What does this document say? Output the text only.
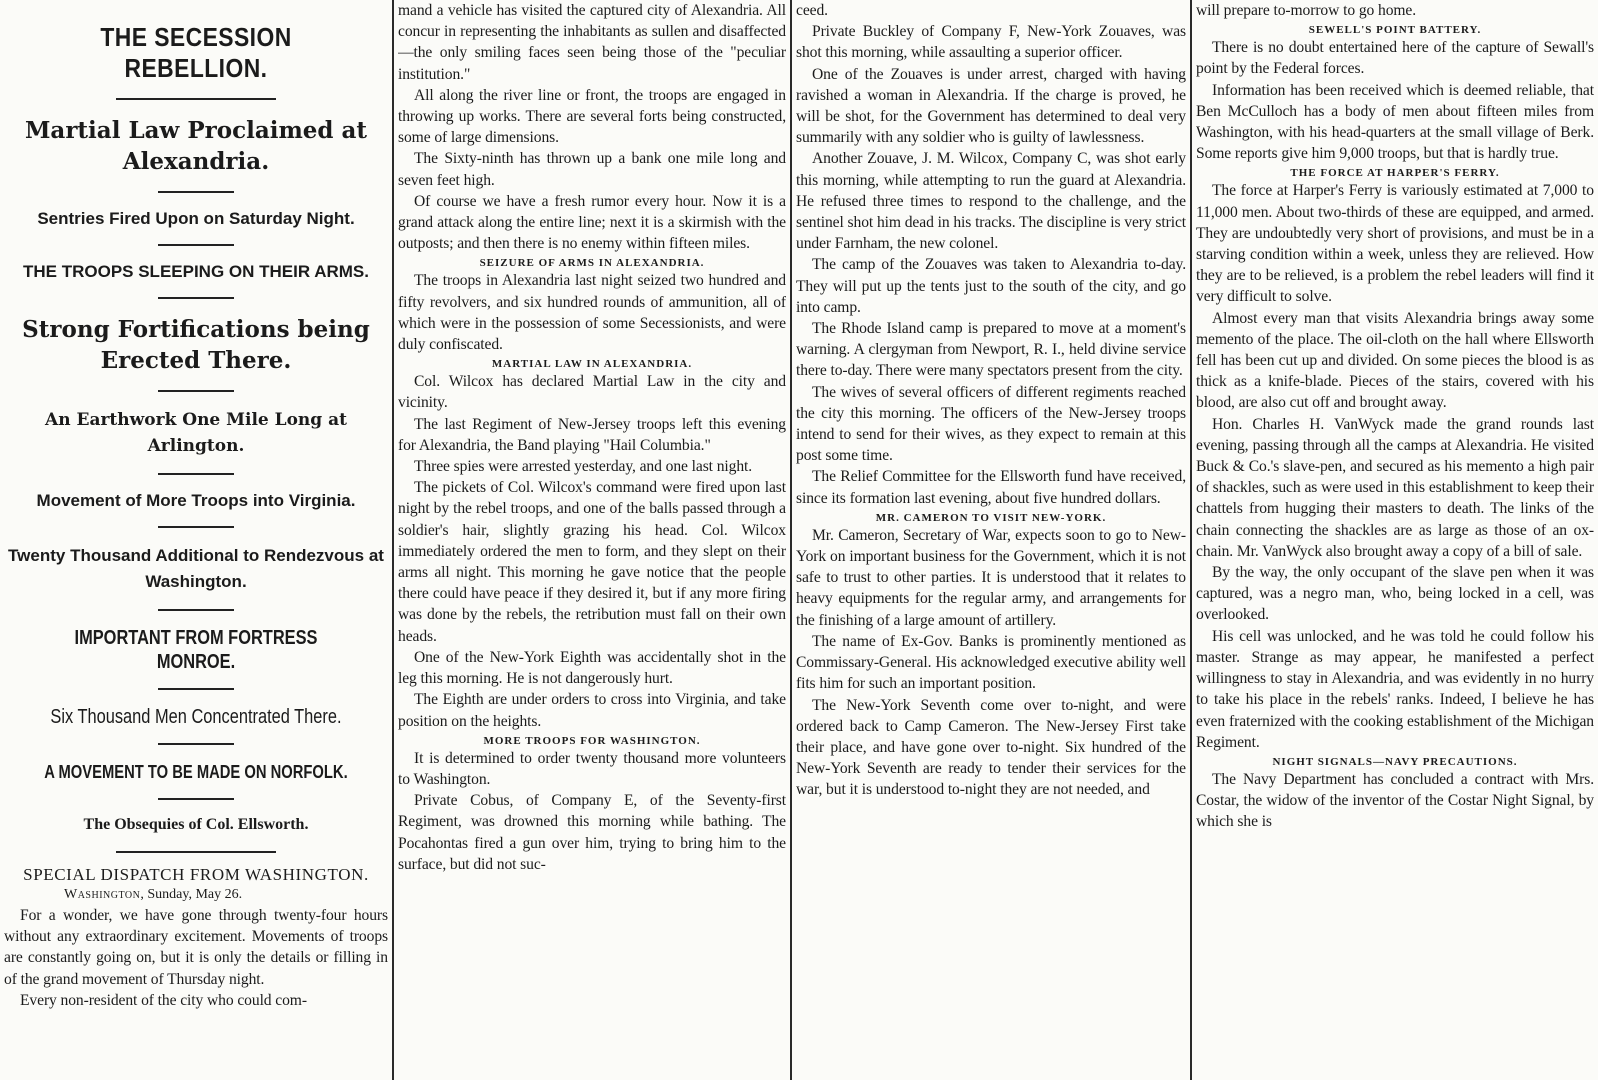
THE SECESSION REBELLION.
Martial Law Proclaimed at Alexandria.
Sentries Fired Upon on Saturday Night.
THE TROOPS SLEEPING ON THEIR ARMS.
Strong Fortifications being Erected There.
An Earthwork One Mile Long at Arlington.
Movement of More Troops into Virginia.
Twenty Thousand Additional to Rendezvous at Washington.
IMPORTANT FROM FORTRESS MONROE.
Six Thousand Men Concentrated There.
A MOVEMENT TO BE MADE ON NORFOLK.
The Obsequies of Col. Ellsworth.
SPECIAL DISPATCH FROM WASHINGTON.
Washington, Sunday, May 26.

For a wonder, we have gone through twenty-four hours without any extraordinary excitement. Movements of troops are constantly going on, but it is only the details or filling in of the grand movement of Thursday night.

Every non-resident of the city who could com-

mand a vehicle has visited the captured city of Alexandria. All concur in representing the inhabitants as sullen and disaffected—the only smiling faces seen being those of the "peculiar institution."

All along the river line or front, the troops are engaged in throwing up works. There are several forts being constructed, some of large dimensions.

The Sixty-ninth has thrown up a bank one mile long and seven feet high.

Of course we have a fresh rumor every hour. Now it is a grand attack along the entire line; next it is a skirmish with the outposts; and then there is no enemy within fifteen miles.

SEIZURE OF ARMS IN ALEXANDRIA.

The troops in Alexandria last night seized two hundred and fifty revolvers, and six hundred rounds of ammunition, all of which were in the possession of some Secessionists, and were duly confiscated.

MARTIAL LAW IN ALEXANDRIA.

Col. Wilcox has declared Martial Law in the city and vicinity.

The last Regiment of New-Jersey troops left this evening for Alexandria, the Band playing "Hail Columbia."

Three spies were arrested yesterday, and one last night.

The pickets of Col. Wilcox's command were fired upon last night by the rebel troops, and one of the balls passed through a soldier's hair, slightly grazing his head. Col. Wilcox immediately ordered the men to form, and they slept on their arms all night. This morning he gave notice that the people there could have peace if they desired it, but if any more firing was done by the rebels, the retribution must fall on their own heads.

One of the New-York Eighth was accidentally shot in the leg this morning. He is not dangerously hurt.

The Eighth are under orders to cross into Virginia, and take position on the heights.

MORE TROOPS FOR WASHINGTON.

It is determined to order twenty thousand more volunteers to Washington.

Private Cobus, of Company E, of the Seventy-first Regiment, was drowned this morning while bathing. The Pocahontas fired a gun over him, trying to bring him to the surface, but did not suc-

ceed.

Private Buckley of Company F, New-York Zouaves, was shot this morning, while assaulting a superior officer.

One of the Zouaves is under arrest, charged with having ravished a woman in Alexandria. If the charge is proved, he will be shot, for the Government has determined to deal very summarily with any soldier who is guilty of lawlessness.

Another Zouave, J. M. Wilcox, Company C, was shot early this morning, while attempting to run the guard at Alexandria. He refused three times to respond to the challenge, and the sentinel shot him dead in his tracks. The discipline is very strict under Farnham, the new colonel.

The camp of the Zouaves was taken to Alexandria to-day. They will put up the tents just to the south of the city, and go into camp.

The Rhode Island camp is prepared to move at a moment's warning. A clergyman from Newport, R. I., held divine service there to-day. There were many spectators present from the city.

The wives of several officers of different regiments reached the city this morning. The officers of the New-Jersey troops intend to send for their wives, as they expect to remain at this post some time.

The Relief Committee for the Ellsworth fund have received, since its formation last evening, about five hundred dollars.

MR. CAMERON TO VISIT NEW-YORK.

Mr. Cameron, Secretary of War, expects soon to go to New-York on important business for the Government, which it is not safe to trust to other parties. It is understood that it relates to heavy equipments for the regular army, and arrangements for the finishing of a large amount of artillery.

The name of Ex-Gov. Banks is prominently mentioned as Commissary-General. His acknowledged executive ability well fits him for such an important position.

The New-York Seventh come over to-night, and were ordered back to Camp Cameron. The New-Jersey First take their place, and have gone over to-night. Six hundred of the New-York Seventh are ready to tender their services for the war, but it is understood to-night they are not needed, and

will prepare to-morrow to go home.

SEWELL'S POINT BATTERY.

There is no doubt entertained here of the capture of Sewall's point by the Federal forces.

Information has been received which is deemed reliable, that Ben McCulloch has a body of men about fifteen miles from Washington, with his head-quarters at the small village of Berk. Some reports give him 9,000 troops, but that is hardly true.

THE FORCE AT HARPER'S FERRY.

The force at Harper's Ferry is variously estimated at 7,000 to 11,000 men. About two-thirds of these are equipped, and armed. They are undoubtedly very short of provisions, and must be in a starving condition within a week, unless they are relieved. How they are to be relieved, is a problem the rebel leaders will find it very difficult to solve.

Almost every man that visits Alexandria brings away some memento of the place. The oil-cloth on the hall where Ellsworth fell has been cut up and divided. On some pieces the blood is as thick as a knife-blade. Pieces of the stairs, covered with his blood, are also cut off and brought away.

Hon. Charles H. VanWyck made the grand rounds last evening, passing through all the camps at Alexandria. He visited Buck & Co.'s slave-pen, and secured as his memento a high pair of shackles, such as were used in this establishment to keep their chattels from hugging their masters to death. The links of the chain connecting the shackles are as large as those of an ox-chain. Mr. VanWyck also brought away a copy of a bill of sale.

By the way, the only occupant of the slave pen when it was captured, was a negro man, who, being locked in a cell, was overlooked.

His cell was unlocked, and he was told he could follow his master. Strange as may appear, he manifested a perfect willingness to stay in Alexandria, and was evidently in no hurry to take his place in the rebels' ranks. Indeed, I believe he has even fraternized with the cooking establishment of the Michigan Regiment.

NIGHT SIGNALS—NAVY PRECAUTIONS.

The Navy Department has concluded a contract with Mrs. Costar, the widow of the inventor of the Costar Night Signal, by which she is
